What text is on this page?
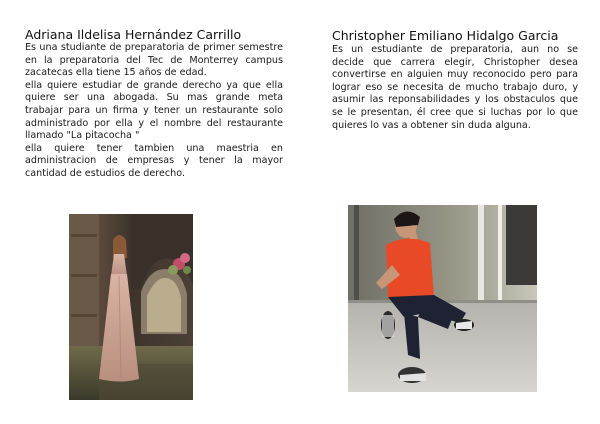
Adriana Ildelisa Hernández Carrillo

Es una studiante de preparatoria de primer semestre en la preparatoria del Tec de Monterrey campus zacatecas ella tiene 15 años de edad.

ella quiere estudiar de grande derecho ya que ella quiere ser una abogada. Su mas grande meta trabajar para un firma y tener un restaurante solo administrado por ella y el nombre del restaurante llamado "La pitacocha "

ella quiere tener tambien una maestria en administracion de empresas y tener la mayor cantidad de estudios de derecho.

Christopher Emiliano Hidalgo Garcia

Es un estudiante de preparatoria, aun no se decide que carrera elegir, Christopher desea convertirse en alguien muy reconocido pero para lograr eso se necesita de mucho trabajo duro, y asumir las reponsabilidades y los obstaculos que se le presentan, él cree que si luchas por lo que quieres lo vas a obtener sin duda alguna.
